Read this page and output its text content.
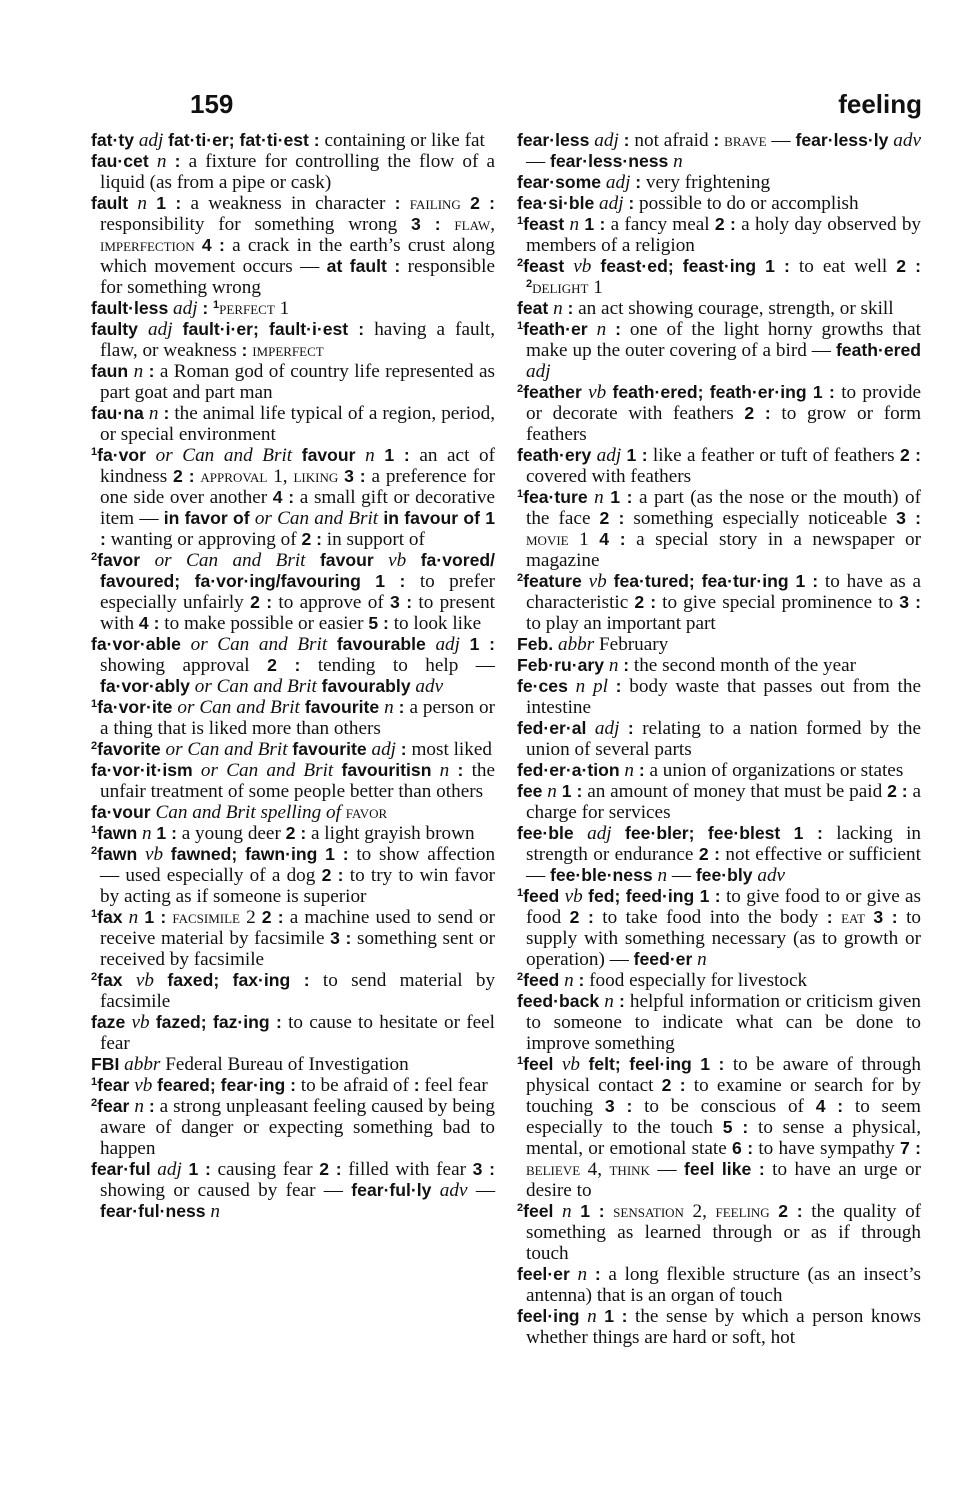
159	feeling

fat·ty adj fat·ti·er; fat·ti·est : containing or like fat

fau·cet n : a fixture for controlling the flow of a liquid (as from a pipe or cask)

fault n 1 : a weakness in character : failing 2 : responsibility for something wrong 3 : flaw, imperfection 4 : a crack in the earth’s crust along which movement occurs — at fault : responsible for something wrong

fault·less adj : $^1$perfect 1

faulty adj fault·i·er; fault·i·est : having a fault, flaw, or weakness : imperfect

faun n : a Roman god of country life represented as part goat and part man

fau·na n : the animal life typical of a region, period, or special environment

$^1$fa·vor or Can and Brit favour n 1 : an act of kindness 2 : approval 1, liking 3 : a preference for one side over another 4 : a small gift or decorative item — in favor of or Can and Brit in favour of 1 : wanting or approving of 2 : in support of

$^2$favor or Can and Brit favour vb fa·vored/ favoured; fa·vor·ing/favouring 1 : to prefer especially unfairly 2 : to approve of 3 : to present with 4 : to make possible or easier 5 : to look like

fa·vor·able or Can and Brit favourable adj 1 : showing approval 2 : tending to help — fa·vor·ably or Can and Brit favourably adv

$^1$fa·vor·ite or Can and Brit favourite n : a person or a thing that is liked more than others

$^2$favorite or Can and Brit favourite adj : most liked

fa·vor·it·ism or Can and Brit favouritisn n : the unfair treatment of some people better than others

fa·vour Can and Brit spelling of favor

$^1$fawn n 1 : a young deer 2 : a light grayish brown

$^2$fawn vb fawned; fawn·ing 1 : to show affection — used especially of a dog 2 : to try to win favor by acting as if someone is superior

$^1$fax n 1 : facsimile 2 2 : a machine used to send or receive material by facsimile 3 : something sent or received by facsimile

$^2$fax vb faxed; fax·ing : to send material by facsimile

faze vb fazed; faz·ing : to cause to hesitate or feel fear

FBI abbr Federal Bureau of Investigation

$^1$fear vb feared; fear·ing : to be afraid of : feel fear

$^2$fear n : a strong unpleasant feeling caused by being aware of danger or expecting something bad to happen

fear·ful adj 1 : causing fear 2 : filled with fear 3 : showing or caused by fear — fear·ful·ly adv — fear·ful·ness n

fear·less adj : not afraid : brave — fear·less·ly adv — fear·less·ness n

fear·some adj : very frightening

fea·si·ble adj : possible to do or accomplish

$^1$feast n 1 : a fancy meal 2 : a holy day observed by members of a religion

$^2$feast vb feast·ed; feast·ing 1 : to eat well 2 : $^2$delight 1

feat n : an act showing courage, strength, or skill

$^1$feath·er n : one of the light horny growths that make up the outer covering of a bird — feath·ered adj

$^2$feather vb feath·ered; feath·er·ing 1 : to provide or decorate with feathers 2 : to grow or form feathers

feath·ery adj 1 : like a feather or tuft of feathers 2 : covered with feathers

$^1$fea·ture n 1 : a part (as the nose or the mouth) of the face 2 : something especially noticeable 3 : movie 1 4 : a special story in a newspaper or magazine

$^2$feature vb fea·tured; fea·tur·ing 1 : to have as a characteristic 2 : to give special prominence to 3 : to play an important part

Feb. abbr February

Feb·ru·ary n : the second month of the year

fe·ces n pl : body waste that passes out from the intestine

fed·er·al adj : relating to a nation formed by the union of several parts

fed·er·a·tion n : a union of organizations or states

fee n 1 : an amount of money that must be paid 2 : a charge for services

fee·ble adj fee·bler; fee·blest 1 : lacking in strength or endurance 2 : not effective or sufficient — fee·ble·ness n — fee·bly adv

$^1$feed vb fed; feed·ing 1 : to give food to or give as food 2 : to take food into the body : eat 3 : to supply with something necessary (as to growth or operation) — feed·er n

$^2$feed n : food especially for livestock

feed·back n : helpful information or criticism given to someone to indicate what can be done to improve something

$^1$feel vb felt; feel·ing 1 : to be aware of through physical contact 2 : to examine or search for by touching 3 : to be conscious of 4 : to seem especially to the touch 5 : to sense a physical, mental, or emotional state 6 : to have sympathy 7 : believe 4, think — feel like : to have an urge or desire to

$^2$feel n 1 : sensation 2, feeling 2 : the quality of something as learned through or as if through touch

feel·er n : a long flexible structure (as an insect’s antenna) that is an organ of touch

feel·ing n 1 : the sense by which a person knows whether things are hard or soft, hot
